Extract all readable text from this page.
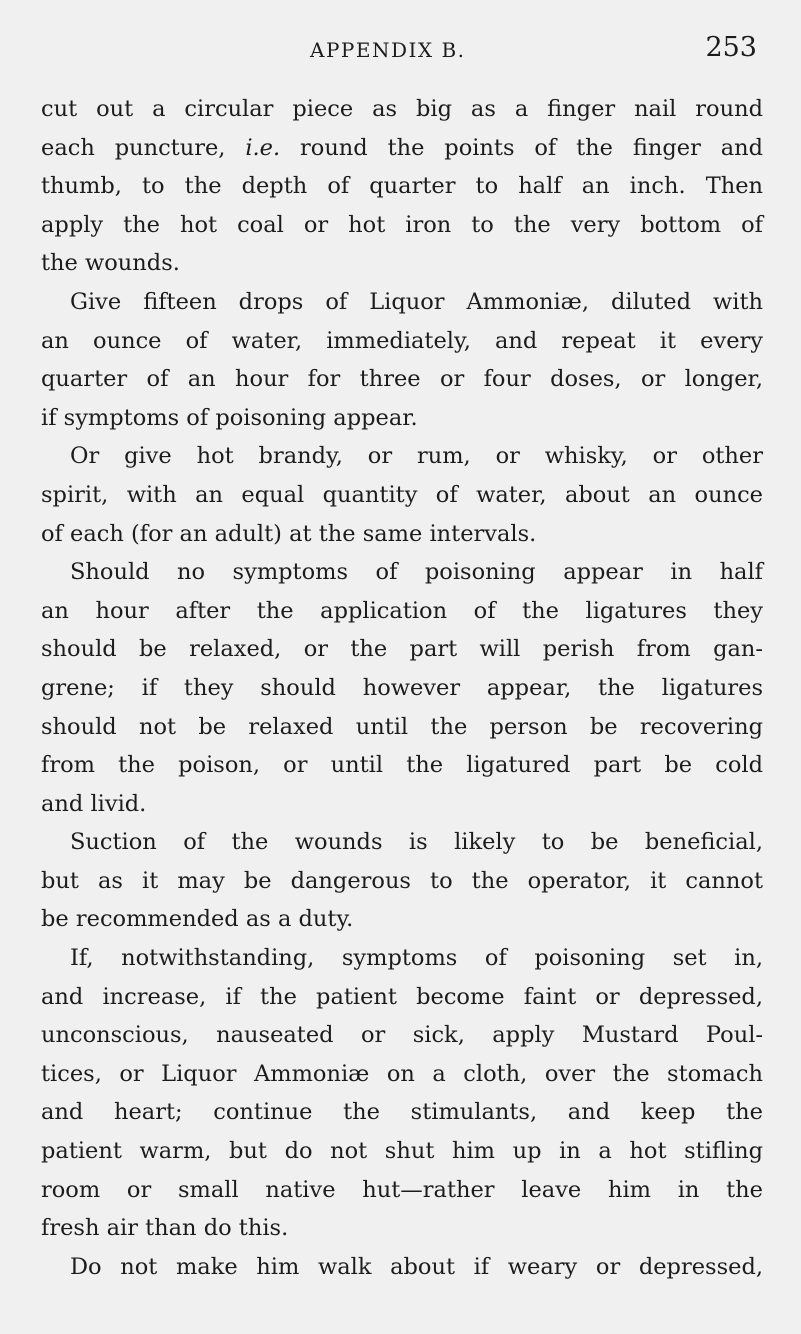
APPENDIX B.	253
cut out a circular piece as big as a finger nail round
each puncture, i.e. round the points of the finger and
thumb, to the depth of quarter to half an inch. Then
apply the hot coal or hot iron to the very bottom of
the wounds.
Give fifteen drops of Liquor Ammoniæ, diluted with
an ounce of water, immediately, and repeat it every
quarter of an hour for three or four doses, or longer,
if symptoms of poisoning appear.
Or give hot brandy, or rum, or whisky, or other
spirit, with an equal quantity of water, about an ounce
of each (for an adult) at the same intervals.
Should no symptoms of poisoning appear in half
an hour after the application of the ligatures they
should be relaxed, or the part will perish from gan-
grene; if they should however appear, the ligatures
should not be relaxed until the person be recovering
from the poison, or until the ligatured part be cold
and livid.
Suction of the wounds is likely to be beneficial,
but as it may be dangerous to the operator, it cannot
be recommended as a duty.
If, notwithstanding, symptoms of poisoning set in,
and increase, if the patient become faint or depressed,
unconscious, nauseated or sick, apply Mustard Poul-
tices, or Liquor Ammoniæ on a cloth, over the stomach
and heart; continue the stimulants, and keep the
patient warm, but do not shut him up in a hot stifling
room or small native hut—rather leave him in the
fresh air than do this.
Do not make him walk about if weary or depressed,
